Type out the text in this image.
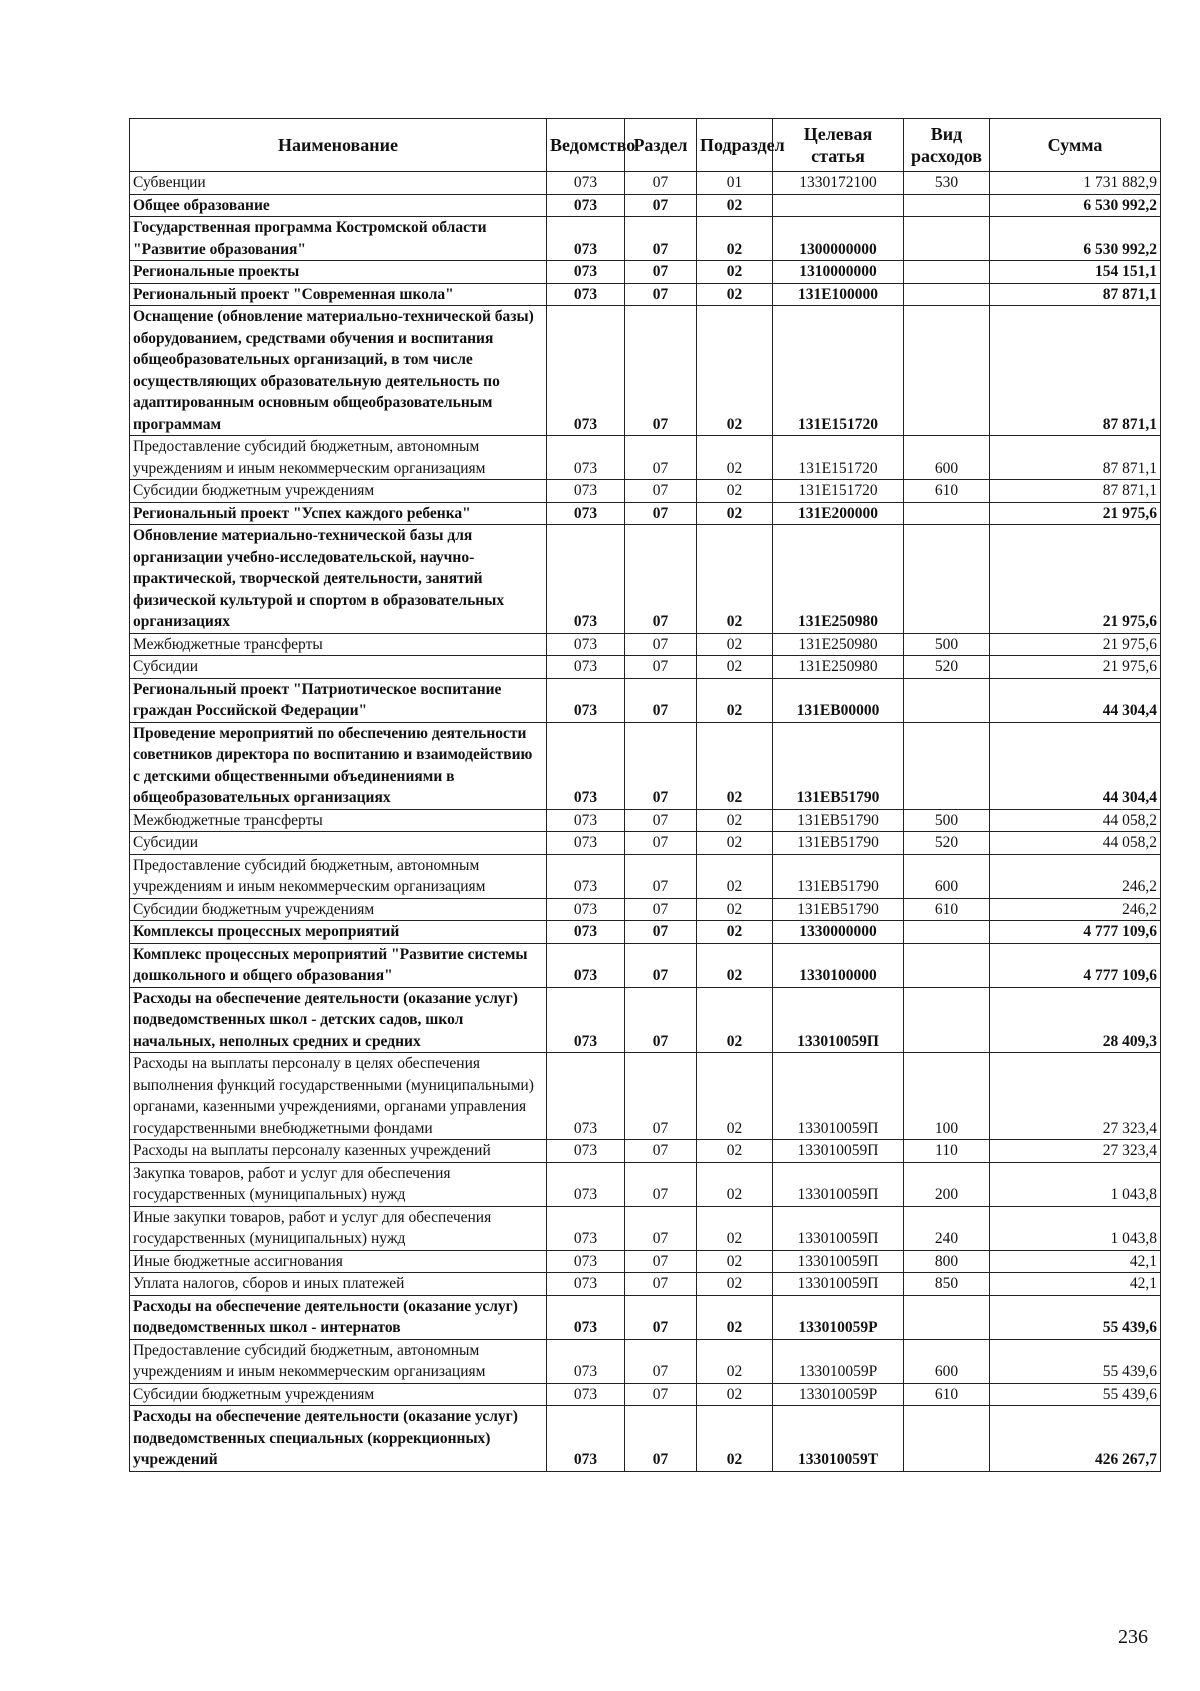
Наименование	Ведомство	Раздел	Подраздел	Целевая статья	Вид расходов	Сумма
Субвенции	073	07	01	1330172100	530	1 731 882,9
Общее образование	073	07	02			6 530 992,2
Государственная программа Костромской области "Развитие образования"	073	07	02	1300000000		6 530 992,2
Региональные проекты	073	07	02	1310000000		154 151,1
Региональный проект "Современная школа"	073	07	02	131E100000		87 871,1
Оснащение (обновление материально-технической базы) оборудованием, средствами обучения и воспитания общеобразовательных организаций, в том числе осуществляющих образовательную деятельность по адаптированным основным общеобразовательным программам	073	07	02	131E151720		87 871,1
Предоставление субсидий бюджетным, автономным учреждениям и иным некоммерческим организациям	073	07	02	131E151720	600	87 871,1
Субсидии бюджетным учреждениям	073	07	02	131E151720	610	87 871,1
Региональный проект "Успех каждого ребенка"	073	07	02	131E200000		21 975,6
Обновление материально-технической базы для организации учебно-исследовательской, научно-практической, творческой деятельности, занятий физической культурой и спортом в образовательных организациях	073	07	02	131E250980		21 975,6
Межбюджетные трансферты	073	07	02	131E250980	500	21 975,6
Субсидии	073	07	02	131E250980	520	21 975,6
Региональный проект "Патриотическое воспитание граждан Российской Федерации"	073	07	02	131EB00000		44 304,4
Проведение мероприятий по обеспечению деятельности советников директора по воспитанию и взаимодействию с детскими общественными объединениями в общеобразовательных организациях	073	07	02	131EB51790		44 304,4
Межбюджетные трансферты	073	07	02	131EB51790	500	44 058,2
Субсидии	073	07	02	131EB51790	520	44 058,2
Предоставление субсидий бюджетным, автономным учреждениям и иным некоммерческим организациям	073	07	02	131EB51790	600	246,2
Субсидии бюджетным учреждениям	073	07	02	131EB51790	610	246,2
Комплексы процессных мероприятий	073	07	02	1330000000		4 777 109,6
Комплекс процессных мероприятий "Развитие системы дошкольного и общего образования"	073	07	02	1330100000		4 777 109,6
Расходы на обеспечение деятельности (оказание услуг) подведомственных школ - детских садов, школ начальных, неполных средних и средних	073	07	02	133010059П		28 409,3
Расходы на выплаты персоналу в целях обеспечения выполнения функций государственными (муниципальными) органами, казенными учреждениями, органами управления государственными внебюджетными фондами	073	07	02	133010059П	100	27 323,4
Расходы на выплаты персоналу казенных учреждений	073	07	02	133010059П	110	27 323,4
Закупка товаров, работ и услуг для обеспечения государственных (муниципальных) нужд	073	07	02	133010059П	200	1 043,8
Иные закупки товаров, работ и услуг для обеспечения государственных (муниципальных) нужд	073	07	02	133010059П	240	1 043,8
Иные бюджетные ассигнования	073	07	02	133010059П	800	42,1
Уплата налогов, сборов и иных платежей	073	07	02	133010059П	850	42,1
Расходы на обеспечение деятельности (оказание услуг) подведомственных школ - интернатов	073	07	02	133010059Р		55 439,6
Предоставление субсидий бюджетным, автономным учреждениям и иным некоммерческим организациям	073	07	02	133010059Р	600	55 439,6
Субсидии бюджетным учреждениям	073	07	02	133010059Р	610	55 439,6
Расходы на обеспечение деятельности (оказание услуг) подведомственных специальных (коррекционных) учреждений	073	07	02	133010059Т		426 267,7
236
